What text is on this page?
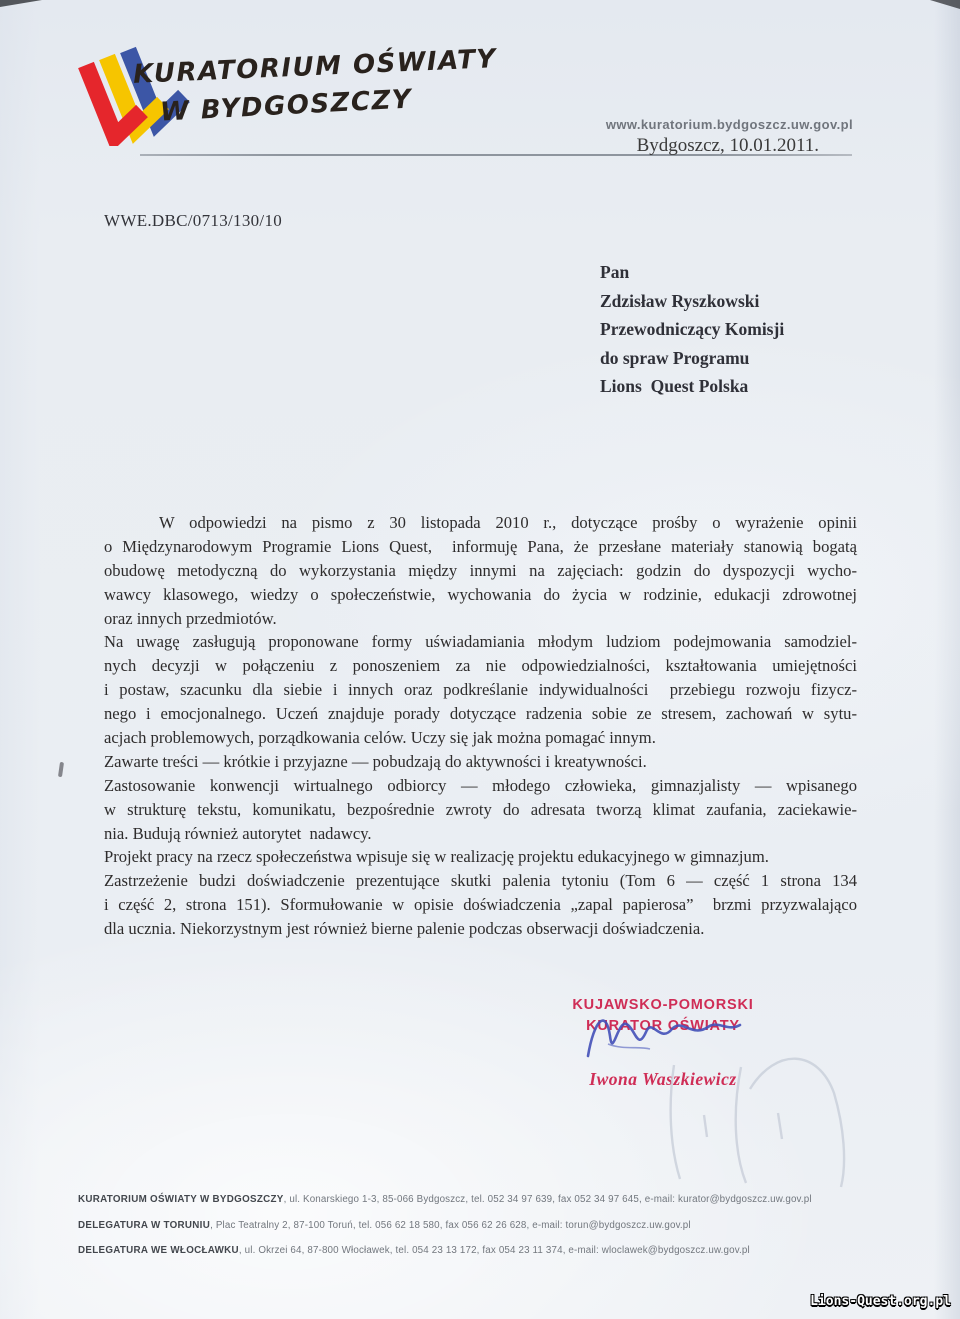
KURATORIUM OŚWIATY
W BYDGOSZCZY	www.kuratorium.bydgoszcz.uw.gov.pl
Bydgoszcz, 10.01.2011.
WWE.DBC/0713/130/10
Pan
Zdzisław Ryszkowski
Przewodniczący Komisji
do spraw Programu
Lions  Quest Polska
W odpowiedzi na pismo z 30 listopada 2010 r., dotyczące prośby o wyrażenie opinii
o Międzynarodowym Programie Lions Quest,  informuję Pana, że przesłane materiały stanowią bogatą
obudowę metodyczną do wykorzystania między innymi na zajęciach: godzin do dyspozycji wycho-
wawcy klasowego, wiedzy o społeczeństwie, wychowania do życia w rodzinie, edukacji zdrowotnej
oraz innych przedmiotów.
Na uwagę zasługują proponowane formy uświadamiania młodym ludziom podejmowania samodziel-
nych decyzji w połączeniu z ponoszeniem za nie odpowiedzialności, kształtowania umiejętności
i postaw, szacunku dla siebie i innych oraz podkreślanie indywidualności  przebiegu rozwoju fizycz-
nego i emocjonalnego. Uczeń znajduje porady dotyczące radzenia sobie ze stresem, zachowań w sytu-
acjach problemowych, porządkowania celów. Uczy się jak można pomagać innym.
Zawarte treści — krótkie i przyjazne — pobudzają do aktywności i kreatywności.
Zastosowanie konwencji wirtualnego odbiorcy — młodego człowieka, gimnazjalisty — wpisanego
w strukturę tekstu, komunikatu, bezpośrednie zwroty do adresata tworzą klimat zaufania, zaciekawie-
nia. Budują również autorytet  nadawcy.
Projekt pracy na rzecz społeczeństwa wpisuje się w realizację projektu edukacyjnego w gimnazjum.
Zastrzeżenie budzi doświadczenie prezentujące skutki palenia tytoniu (Tom 6 — część 1 strona 134
i część 2, strona 151). Sformułowanie w opisie doświadczenia „zapal papierosa”  brzmi przyzwalająco
dla ucznia. Niekorzystnym jest również bierne palenie podczas obserwacji doświadczenia.
KUJAWSKO-POMORSKI
KURATOR OŚWIATY
Iwona Waszkiewicz
KURATORIUM OŚWIATY W BYDGOSZCZY, ul. Konarskiego 1-3, 85-066 Bydgoszcz, tel. 052 34 97 639, fax 052 34 97 645, e-mail: kurator@bydgoszcz.uw.gov.pl
DELEGATURA W TORUNIU, Plac Teatralny 2, 87-100 Toruń, tel. 056 62 18 580, fax 056 62 26 628, e-mail: torun@bydgoszcz.uw.gov.pl
DELEGATURA WE WŁOCŁAWKU, ul. Okrzei 64, 87-800 Włocławek, tel. 054 23 13 172, fax 054 23 11 374, e-mail: wloclawek@bydgoszcz.uw.gov.pl
Lions-Quest.org.pl
